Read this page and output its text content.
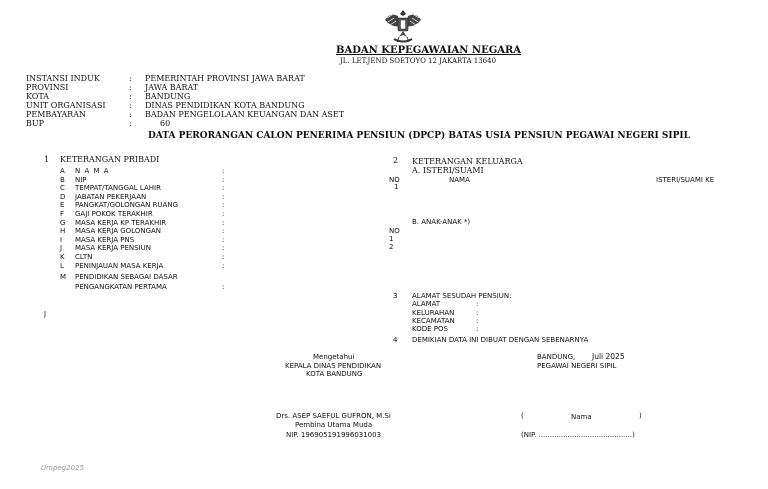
BADAN KEPEGAWAIAN NEGARA
JL. LET.JEND SOETOYO 12 JAKARTA 13640
INSTANSI INDUK	: PEMERINTAH PROVINSI JAWA BARAT
PROVINSI	: JAWA BARAT
KOTA	: BANDUNG
UNIT ORGANISASI	: DINAS PENDIDIKAN KOTA BANDUNG
PEMBAYARAN	: BADAN PENGELOLAAN KEUANGAN DAN ASET
BUP	:	60
DATA PERORANGAN CALON PENERIMA PENSIUN (DPCP) BATAS USIA PENSIUN PEGAWAI NEGERI SIPIL
1 KETERANGAN PRIBADI
A N A M A	:
B NIP	:
C TEMPAT/TANGGAL LAHIR	:
D JABATAN PEKERJAAN	:
E PANGKAT/GOLONGAN RUANG	:
F GAJI POKOK TERAKHIR	:
G MASA KERJA KP TERAKHIR	:
H MASA KERJA GOLONGAN	:
I MASA KERJA PNS	:
J MASA KERJA PENSIUN	:
K CLTN	:
L PENINJAUAN MASA KERJA	:
M PENDIDIKAN SEBAGAI DASAR
PENGANGKATAN PERTAMA	:
J
2 KETERANGAN KELUARGA
A. ISTERI/SUAMI
NO	NAMA	ISTERI/SUAMI KE
1
B. ANAK-ANAK *)
NO
1
2
3 ALAMAT SESUDAH PENSIUN:
ALAMAT	:
KELURAHAN	:
KECAMATAN	:
KODE POS	:
4 DEMIKIAN DATA INI DIBUAT DENGAN SEBENARNYA
Mengetahui
KEPALA DINAS PENDIDIKAN
KOTA BANDUNG
Drs. ASEP SAEFUL GUFRON, M.Si
Pembina Utama Muda
NIP. 196905191996031003
BANDUNG, Juli 2025
PEGAWAI NEGERI SIPIL
(	Nama	)
(NIP. ..........................................)
Umpeg2025
